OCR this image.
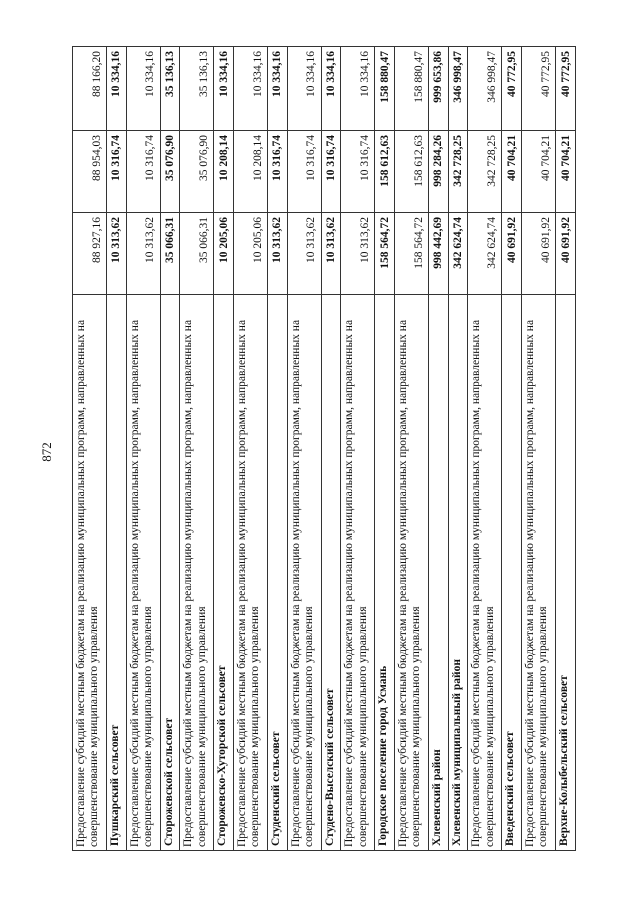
872 Предоставление субсидий местным бюджетам на реализацию муниципальных программ, направленных на совершенствование муниципального управления	88 927,16	88 954,03	88 166,20
Пушкарский сельсовет	10 313,62	10 316,74	10 334,16
Предоставление субсидий местным бюджетам на реализацию муниципальных программ, направленных на совершенствование муниципального управления	10 313,62	10 316,74	10 334,16
Сторожевской сельсовет	35 066,31	35 076,90	35 136,13
Предоставление субсидий местным бюджетам на реализацию муниципальных программ, направленных на совершенствование муниципального управления	35 066,31	35 076,90	35 136,13
Сторожевско-Хуторской сельсовет	10 205,06	10 208,14	10 334,16
Предоставление субсидий местным бюджетам на реализацию муниципальных программ, направленных на совершенствование муниципального управления	10 205,06	10 208,14	10 334,16
Студенский сельсовет	10 313,62	10 316,74	10 334,16
Предоставление субсидий местным бюджетам на реализацию муниципальных программ, направленных на совершенствование муниципального управления	10 313,62	10 316,74	10 334,16
Студено-Выселский сельсовет	10 313,62	10 316,74	10 334,16
Предоставление субсидий местным бюджетам на реализацию муниципальных программ, направленных на совершенствование муниципального управления	10 313,62	10 316,74	10 334,16
Городское поселение город Усмань	158 564,72	158 612,63	158 880,47
Предоставление субсидий местным бюджетам на реализацию муниципальных программ, направленных на совершенствование муниципального управления	158 564,72	158 612,63	158 880,47
Хлевенский район	998 442,69	998 284,26	999 653,86
Хлевенский муниципальный район	342 624,74	342 728,25	346 998,47
Предоставление субсидий местным бюджетам на реализацию муниципальных программ, направленных на совершенствование муниципального управления	342 624,74	342 728,25	346 998,47
Введенский сельсовет	40 691,92	40 704,21	40 772,95
Предоставление субсидий местным бюджетам на реализацию муниципальных программ, направленных на совершенствование муниципального управления	40 691,92	40 704,21	40 772,95
Верхне-Колыбельский сельсовет	40 691,92	40 704,21	40 772,95
